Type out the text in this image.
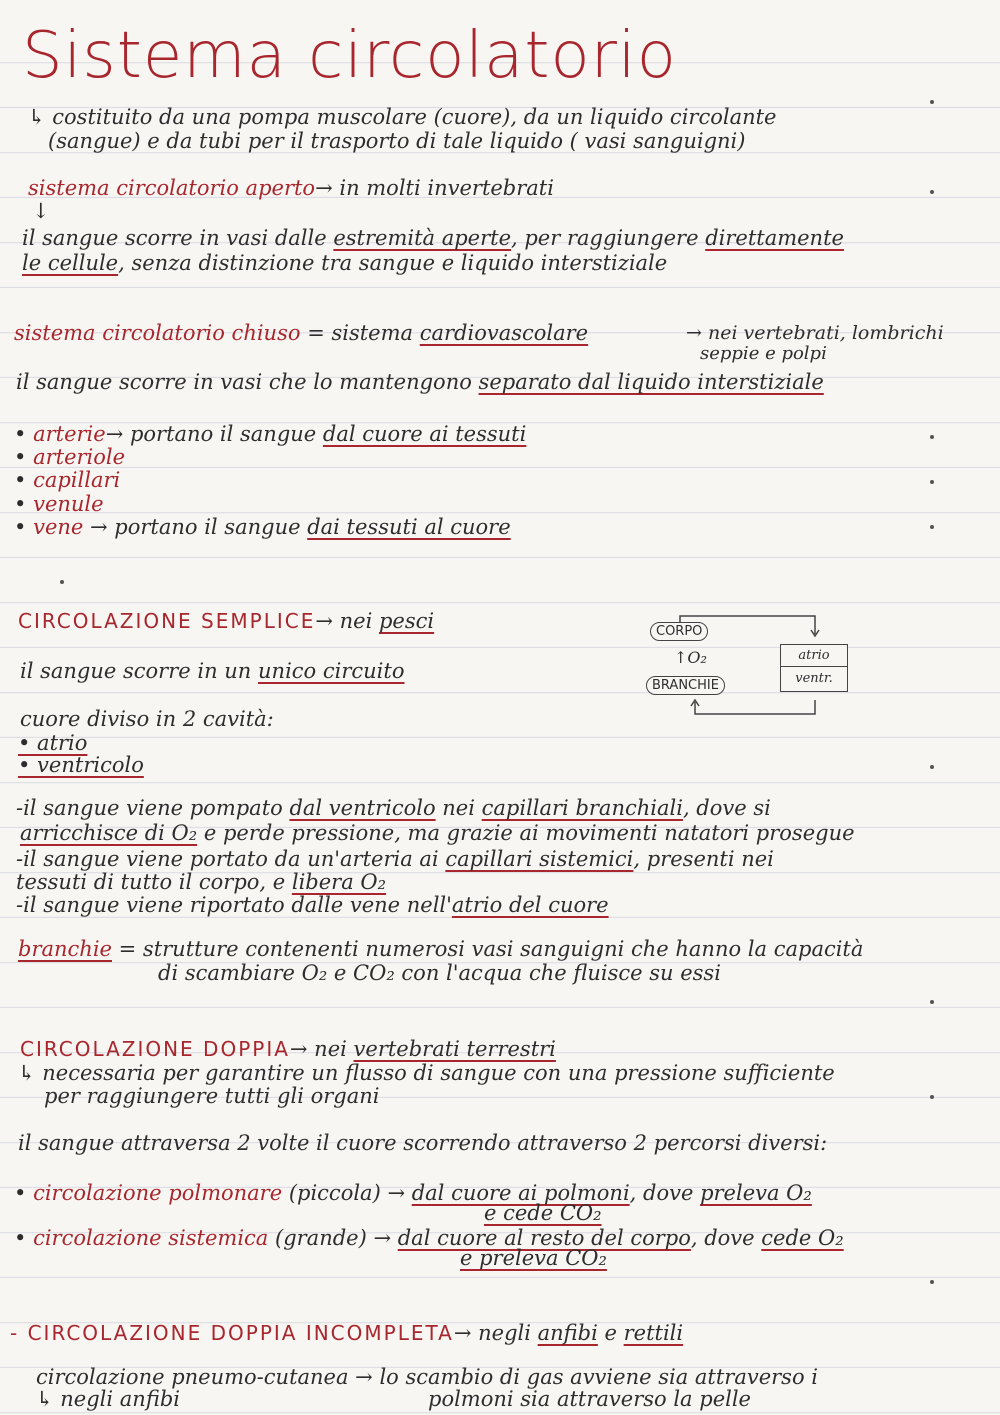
Sistema circolatorio
↳ costituito da una pompa muscolare (cuore), da un liquido circolante
(sangue) e da tubi per il trasporto di tale liquido ( vasi sanguigni)
sistema circolatorio aperto→ in molti invertebrati
↓
il sangue scorre in vasi dalle estremità aperte, per raggiungere direttamente
le cellule, senza distinzione tra sangue e liquido interstiziale
sistema circolatorio chiuso = sistema cardiovascolare	→ nei vertebrati, lombrichi
seppie e polpi
il sangue scorre in vasi che lo mantengono separato dal liquido interstiziale
• arterie→ portano il sangue dal cuore ai tessuti
• arteriole
• capillari
• venule
• vene → portano il sangue dai tessuti al cuore
CIRCOLAZIONE SEMPLICE→ nei pesci
il sangue scorre in un unico circuito
cuore diviso in 2 cavità:
• atrio
• ventricolo
CORPO
↑O₂
BRANCHIE
atrio
ventr.
-il sangue viene pompato dal ventricolo nei capillari branchiali, dove si
arricchisce di O₂ e perde pressione, ma grazie ai movimenti natatori prosegue
-il sangue viene portato da un'arteria ai capillari sistemici, presenti nei
tessuti di tutto il corpo, e libera O₂
-il sangue viene riportato dalle vene nell'atrio del cuore
branchie = strutture contenenti numerosi vasi sanguigni che hanno la capacità
di scambiare O₂ e CO₂ con l'acqua che fluisce su essi
CIRCOLAZIONE DOPPIA→ nei vertebrati terrestri
↳ necessaria per garantire un flusso di sangue con una pressione sufficiente
per raggiungere tutti gli organi
il sangue attraversa 2 volte il cuore scorrendo attraverso 2 percorsi diversi:
• circolazione polmonare (piccola) → dal cuore ai polmoni, dove preleva O₂
e cede CO₂
• circolazione sistemica (grande) → dal cuore al resto del corpo, dove cede O₂
e preleva CO₂
- CIRCOLAZIONE DOPPIA INCOMPLETA→ negli anfibi e rettili
circolazione pneumo-cutanea → lo scambio di gas avviene sia attraverso i
↳ negli anfibi	polmoni sia attraverso la pelle
